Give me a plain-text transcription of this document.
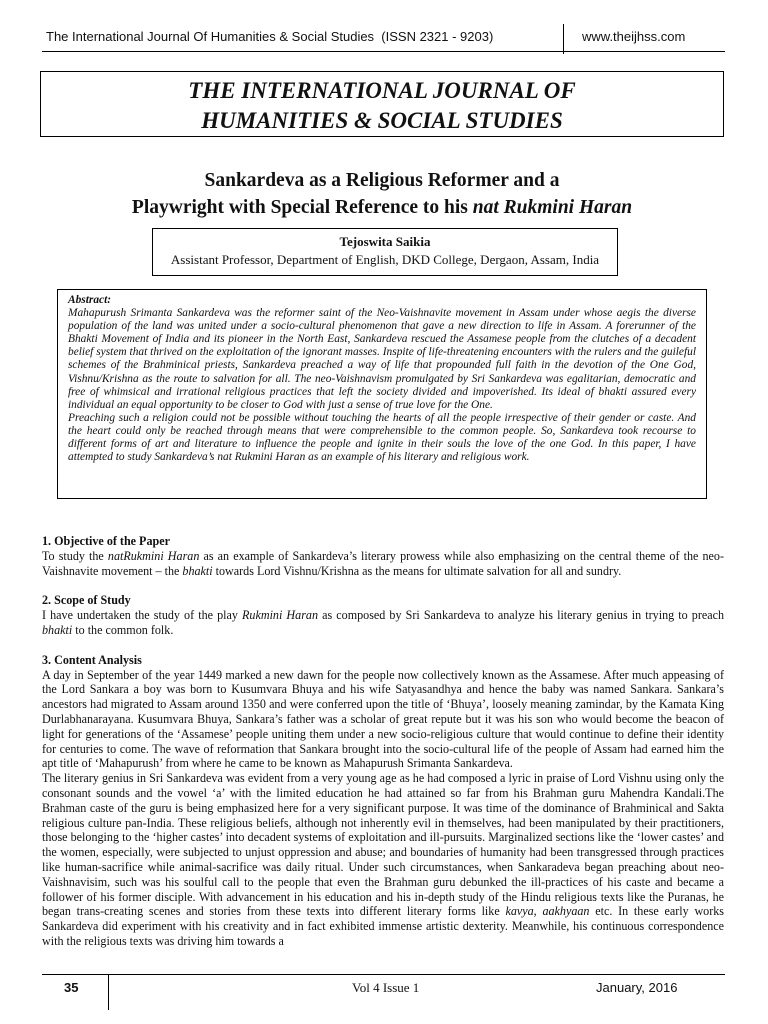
The International Journal Of Humanities & Social Studies (ISSN 2321 - 9203)	www.theijhss.com
THE INTERNATIONAL JOURNAL OF
HUMANITIES & SOCIAL STUDIES
Sankardeva as a Religious Reformer and a
Playwright with Special Reference to his nat Rukmini Haran
Tejoswita Saikia
Assistant Professor, Department of English, DKD College, Dergaon, Assam, India
Abstract:

Mahapurush Srimanta Sankardeva was the reformer saint of the Neo-Vaishnavite movement in Assam under whose aegis the diverse population of the land was united under a socio-cultural phenomenon that gave a new direction to life in Assam. A forerunner of the Bhakti Movement of India and its pioneer in the North East, Sankardeva rescued the Assamese people from the clutches of a decadent belief system that thrived on the exploitation of the ignorant masses. Inspite of life-threatening encounters with the rulers and the guileful schemes of the Brahminical priests, Sankardeva preached a way of life that propounded full faith in the devotion of the One God, Vishnu/Krishna as the route to salvation for all. The neo-Vaishnavism promulgated by Sri Sankardeva was egalitarian, democratic and free of whimsical and irrational religious practices that left the society divided and impoverished. Its ideal of bhakti assured every individual an equal opportunity to be closer to God with just a sense of true love for the One.

Preaching such a religion could not be possible without touching the hearts of all the people irrespective of their gender or caste. And the heart could only be reached through means that were comprehensible to the common people. So, Sankardeva took recourse to different forms of art and literature to influence the people and ignite in their souls the love of the one God. In this paper, I have attempted to study Sankardeva’s nat Rukmini Haran as an example of his literary and religious work.

1. Objective of the Paper

To study the natRukmini Haran as an example of Sankardeva’s literary prowess while also emphasizing on the central theme of the neo-Vaishnavite movement – the bhakti towards Lord Vishnu/Krishna as the means for ultimate salvation for all and sundry.

2. Scope of Study

I have undertaken the study of the play Rukmini Haran as composed by Sri Sankardeva to analyze his literary genius in trying to preach bhakti to the common folk.

3. Content Analysis

A day in September of the year 1449 marked a new dawn for the people now collectively known as the Assamese. After much appeasing of the Lord Sankara a boy was born to Kusumvara Bhuya and his wife Satyasandhya and hence the baby was named Sankara. Sankara’s ancestors had migrated to Assam around 1350 and were conferred upon the title of ‘Bhuya’, loosely meaning zamindar, by the Kamata King Durlabhanarayana. Kusumvara Bhuya, Sankara’s father was a scholar of great repute but it was his son who would become the beacon of light for generations of the ‘Assamese’ people uniting them under a new socio-religious culture that would continue to define their identity for centuries to come. The wave of reformation that Sankara brought into the socio-cultural life of the people of Assam had earned him the apt title of ‘Mahapurush’ from where he came to be known as Mahapurush Srimanta Sankardeva.

The literary genius in Sri Sankardeva was evident from a very young age as he had composed a lyric in praise of Lord Vishnu using only the consonant sounds and the vowel ‘a’ with the limited education he had attained so far from his Brahman guru Mahendra Kandali.The Brahman caste of the guru is being emphasized here for a very significant purpose. It was time of the dominance of Brahminical and Sakta religious culture pan-India. These religious beliefs, although not inherently evil in themselves, had been manipulated by their practitioners, those belonging to the ‘higher castes’ into decadent systems of exploitation and ill-pursuits. Marginalized sections like the ‘lower castes’ and the women, especially, were subjected to unjust oppression and abuse; and boundaries of humanity had been transgressed through practices like human-sacrifice while animal-sacrifice was daily ritual. Under such circumstances, when Sankaradeva began preaching about neo-Vaishnavisim, such was his soulful call to the people that even the Brahman guru debunked the ill-practices of his caste and became a follower of his former disciple. With advancement in his education and his in-depth study of the Hindu religious texts like the Puranas, he began trans-creating scenes and stories from these texts into different literary forms like kavya, aakhyaan etc. In these early works Sankardeva did experiment with his creativity and in fact exhibited immense artistic dexterity. Meanwhile, his continuous correspondence with the religious texts was driving him towards a

35	Vol 4 Issue 1	January, 2016
